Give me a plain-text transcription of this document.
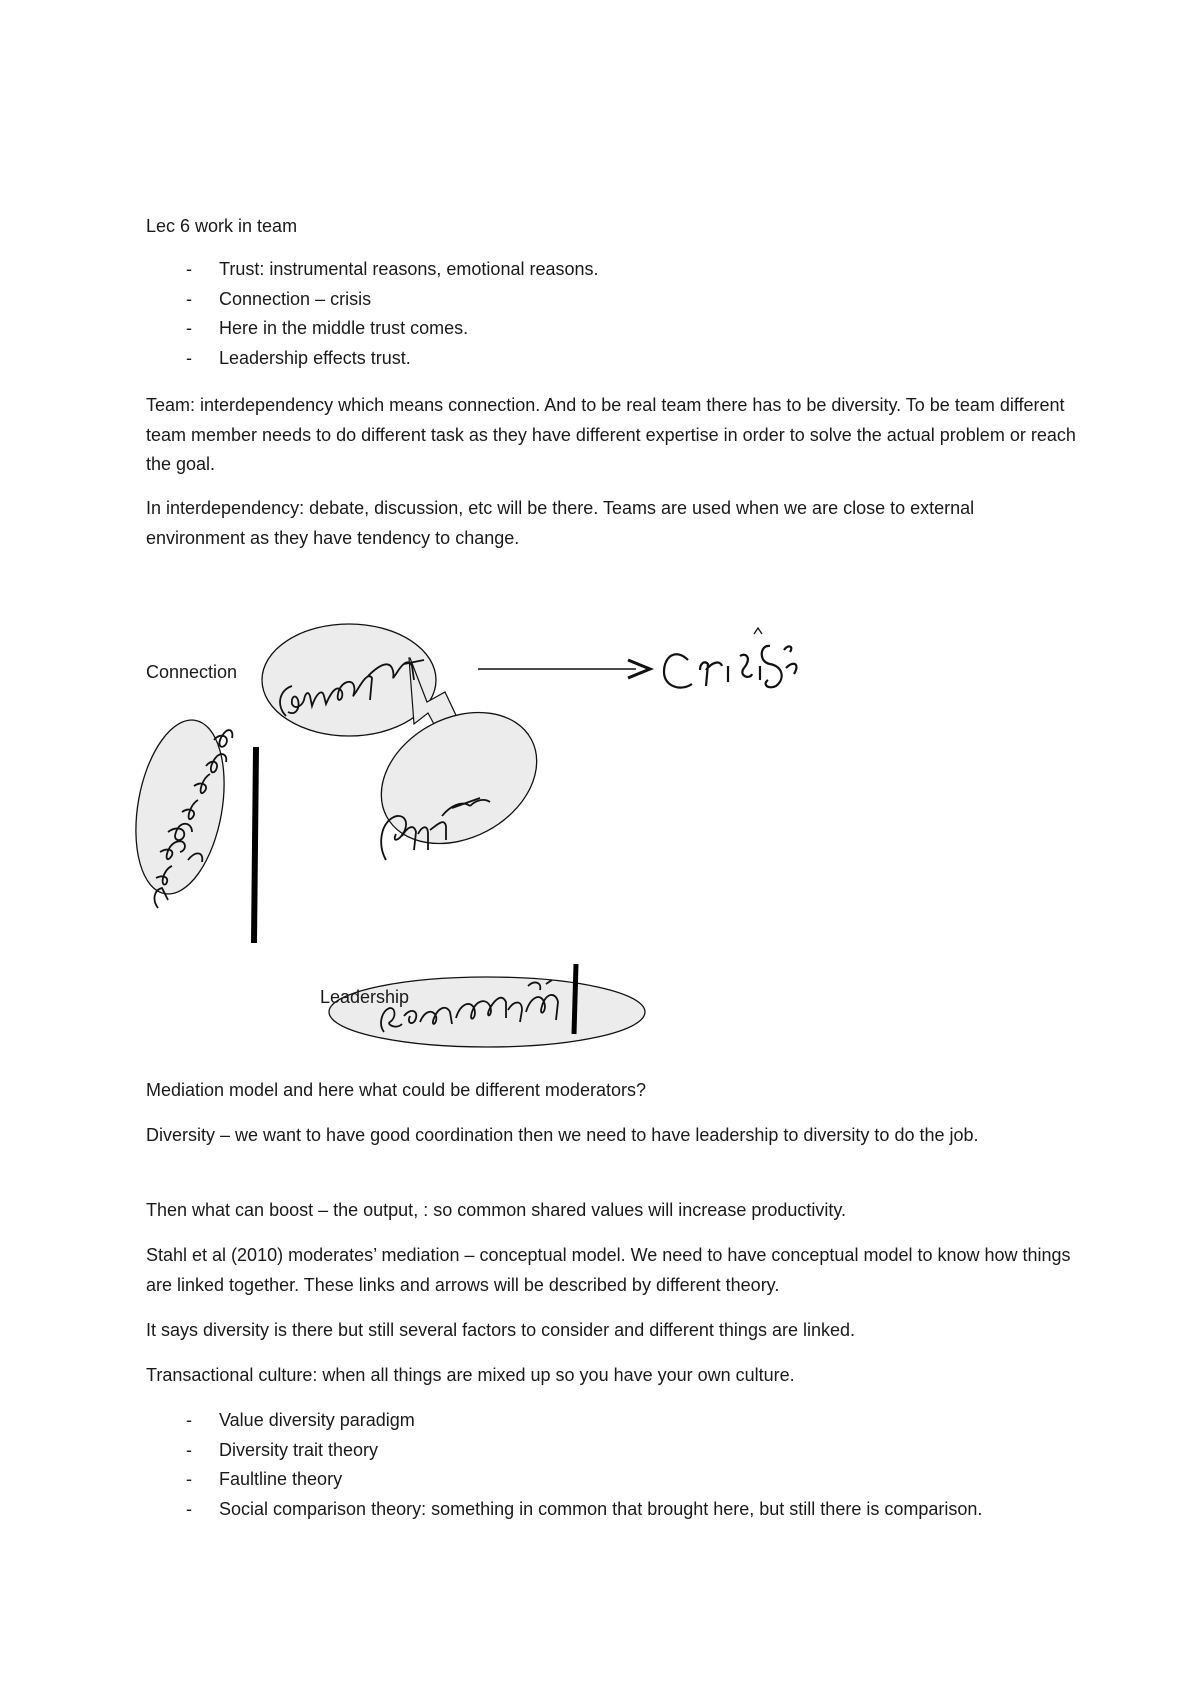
Lec 6 work in team
- Trust: instrumental reasons, emotional reasons.
- Connection – crisis
- Here in the middle trust comes.
- Leadership effects trust.

Team: interdependency which means connection. And to be real team there has to be diversity. To be team different team member needs to do different task as they have different expertise in order to solve the actual problem or reach the goal.

In interdependency: debate, discussion, etc will be there. Teams are used when we are close to external environment as they have tendency to change.

Connection
Leadership

Mediation model and here what could be different moderators?

Diversity – we want to have good coordination then we need to have leadership to diversity to do the job.

Then what can boost – the output, : so common shared values will increase productivity.

Stahl et al (2010) moderates’ mediation – conceptual model. We need to have conceptual model to know how things are linked together. These links and arrows will be described by different theory.

It says diversity is there but still several factors to consider and different things are linked.

Transactional culture: when all things are mixed up so you have your own culture.

- Value diversity paradigm
- Diversity trait theory
- Faultline theory
- Social comparison theory: something in common that brought here, but still there is comparison.
